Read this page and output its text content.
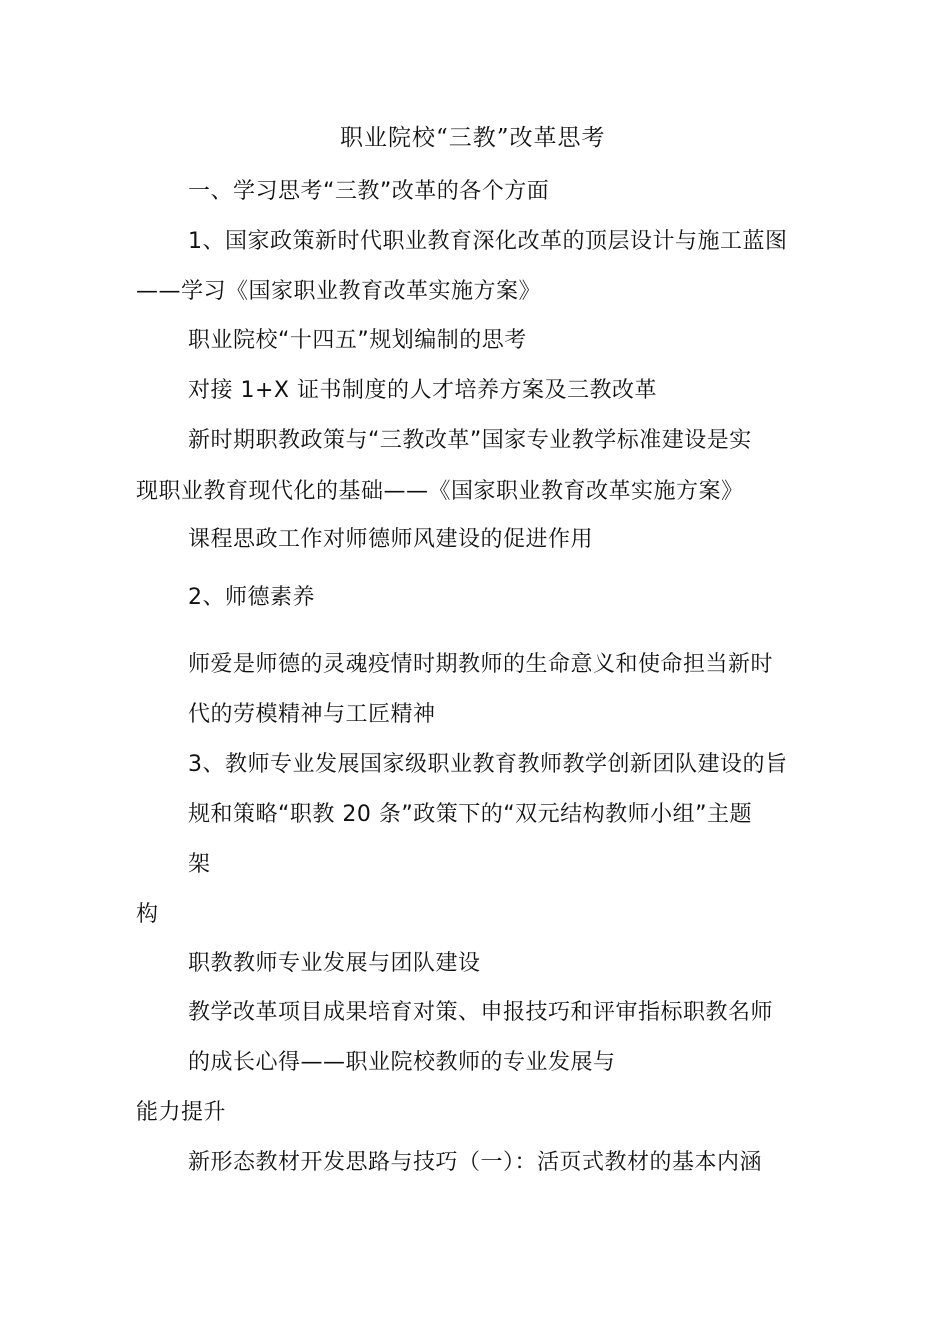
职业院校“三教”改革思考
一、学习思考“三教”改革的各个方面
1、国家政策新时代职业教育深化改革的顶层设计与施工蓝图
——学习《国家职业教育改革实施方案》
职业院校“十四五”规划编制的思考
对接 1+X 证书制度的人才培养方案及三教改革
新时期职教政策与“三教改革”国家专业教学标准建设是实
现职业教育现代化的基础——《国家职业教育改革实施方案》
课程思政工作对师德师风建设的促进作用
2、师德素养
师爱是师德的灵魂疫情时期教师的生命意义和使命担当新时
代的劳模精神与工匠精神
3、教师专业发展国家级职业教育教师教学创新团队建设的旨
规和策略“职教 20 条”政策下的“双元结构教师小组”主题
架
构
职教教师专业发展与团队建设
教学改革项目成果培育对策、申报技巧和评审指标职教名师
的成长心得——职业院校教师的专业发展与
能力提升
新形态教材开发思路与技巧（一）：活页式教材的基本内涵
